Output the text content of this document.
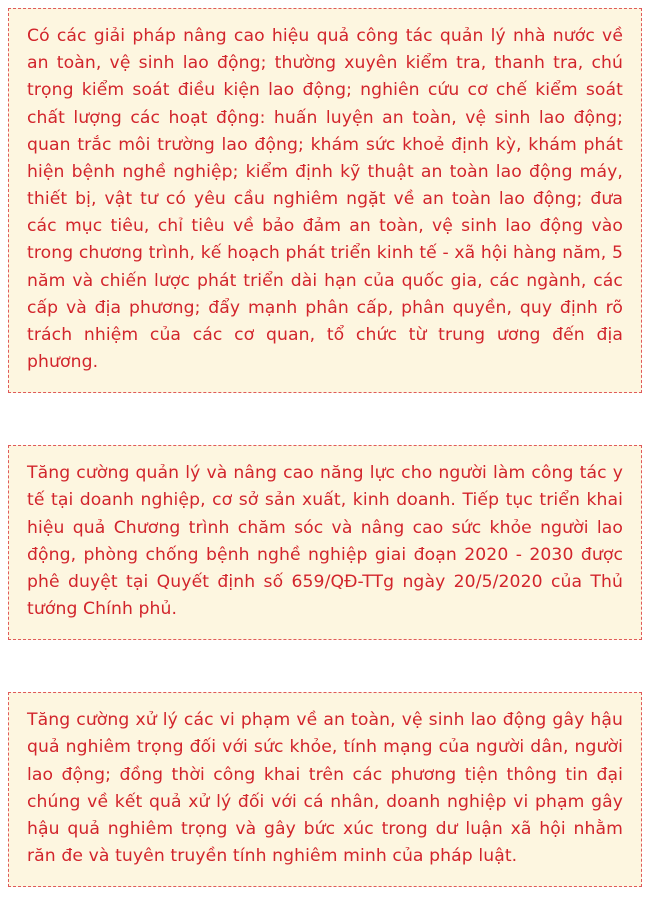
Có các giải pháp nâng cao hiệu quả công tác quản lý nhà nước về an toàn, vệ sinh lao động; thường xuyên kiểm tra, thanh tra, chú trọng kiểm soát điều kiện lao động; nghiên cứu cơ chế kiểm soát chất lượng các hoạt động: huấn luyện an toàn, vệ sinh lao động; quan trắc môi trường lao động; khám sức khoẻ định kỳ, khám phát hiện bệnh nghề nghiệp; kiểm định kỹ thuật an toàn lao động máy, thiết bị, vật tư có yêu cầu nghiêm ngặt về an toàn lao động; đưa các mục tiêu, chỉ tiêu về bảo đảm an toàn, vệ sinh lao động vào trong chương trình, kế hoạch phát triển kinh tế - xã hội hàng năm, 5 năm và chiến lược phát triển dài hạn của quốc gia, các ngành, các cấp và địa phương; đẩy mạnh phân cấp, phân quyền, quy định rõ trách nhiệm của các cơ quan, tổ chức từ trung ương đến địa phương.

Tăng cường quản lý và nâng cao năng lực cho người làm công tác y tế tại doanh nghiệp, cơ sở sản xuất, kinh doanh. Tiếp tục triển khai hiệu quả Chương trình chăm sóc và nâng cao sức khỏe người lao động, phòng chống bệnh nghề nghiệp giai đoạn 2020 - 2030 được phê duyệt tại Quyết định số 659/QĐ-TTg ngày 20/5/2020 của Thủ tướng Chính phủ.

Tăng cường xử lý các vi phạm về an toàn, vệ sinh lao động gây hậu quả nghiêm trọng đối với sức khỏe, tính mạng của người dân, người lao động; đồng thời công khai trên các phương tiện thông tin đại chúng về kết quả xử lý đối với cá nhân, doanh nghiệp vi phạm gây hậu quả nghiêm trọng và gây bức xúc trong dư luận xã hội nhằm răn đe và tuyên truyền tính nghiêm minh của pháp luật.
